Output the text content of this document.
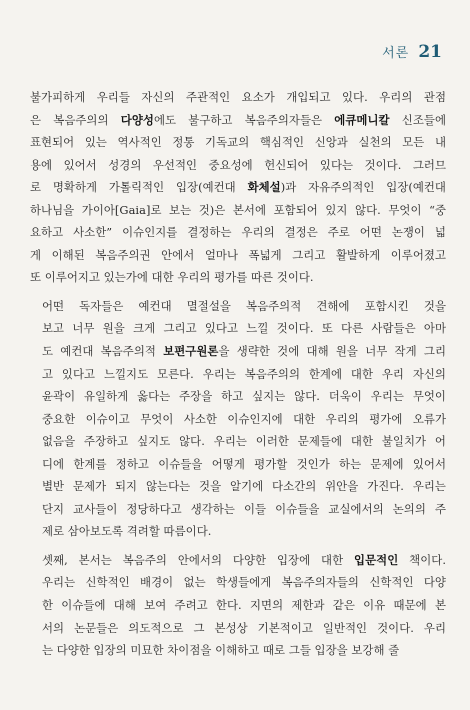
서론 21
불가피하게 우리들 자신의 주관적인 요소가 개입되고 있다. 우리의 관점
은 복음주의의 다양성에도 불구하고 복음주의자들은 에큐메니칼 신조들에
표현되어 있는 역사적인 정통 기독교의 핵심적인 신앙과 실천의 모든 내
용에 있어서 성경의 우선적인 중요성에 헌신되어 있다는 것이다. 그러므
로 명확하게 가톨릭적인 입장(예컨대 화체설)과 자유주의적인 입장(예컨대
하나님을 가이아[Gaia]로 보는 것)은 본서에 포함되어 있지 않다. 무엇이 “중
요하고 사소한” 이슈인지를 결정하는 우리의 결정은 주로 어떤 논쟁이 넓
게 이해된 복음주의권 안에서 얼마나 폭넓게 그리고 활발하게 이루어졌고
또 이루어지고 있는가에 대한 우리의 평가를 따른 것이다.
어떤 독자들은 예컨대 멸절설을 복음주의적 견해에 포함시킨 것을
보고 너무 원을 크게 그리고 있다고 느낄 것이다. 또 다른 사람들은 아마
도 예컨대 복음주의적 보편구원론을 생략한 것에 대해 원을 너무 작게 그리
고 있다고 느낄지도 모른다. 우리는 복음주의의 한계에 대한 우리 자신의
윤곽이 유일하게 옳다는 주장을 하고 싶지는 않다. 더욱이 우리는 무엇이
중요한 이슈이고 무엇이 사소한 이슈인지에 대한 우리의 평가에 오류가
없음을 주장하고 싶지도 않다. 우리는 이러한 문제들에 대한 불일치가 어
디에 한계를 정하고 이슈들을 어떻게 평가할 것인가 하는 문제에 있어서
별반 문제가 되지 않는다는 것을 알기에 다소간의 위안을 가진다. 우리는
단지 교사들이 정당하다고 생각하는 이들 이슈들을 교실에서의 논의의 주
제로 삼아보도록 격려할 따름이다.
셋째, 본서는 복음주의 안에서의 다양한 입장에 대한 입문적인 책이다.
우리는 신학적인 배경이 없는 학생들에게 복음주의자들의 신학적인 다양
한 이슈들에 대해 보여 주려고 한다. 지면의 제한과 같은 이유 때문에 본
서의 논문들은 의도적으로 그 본성상 기본적이고 일반적인 것이다. 우리
는 다양한 입장의 미묘한 차이점을 이해하고 때로 그들 입장을 보강해 줄
